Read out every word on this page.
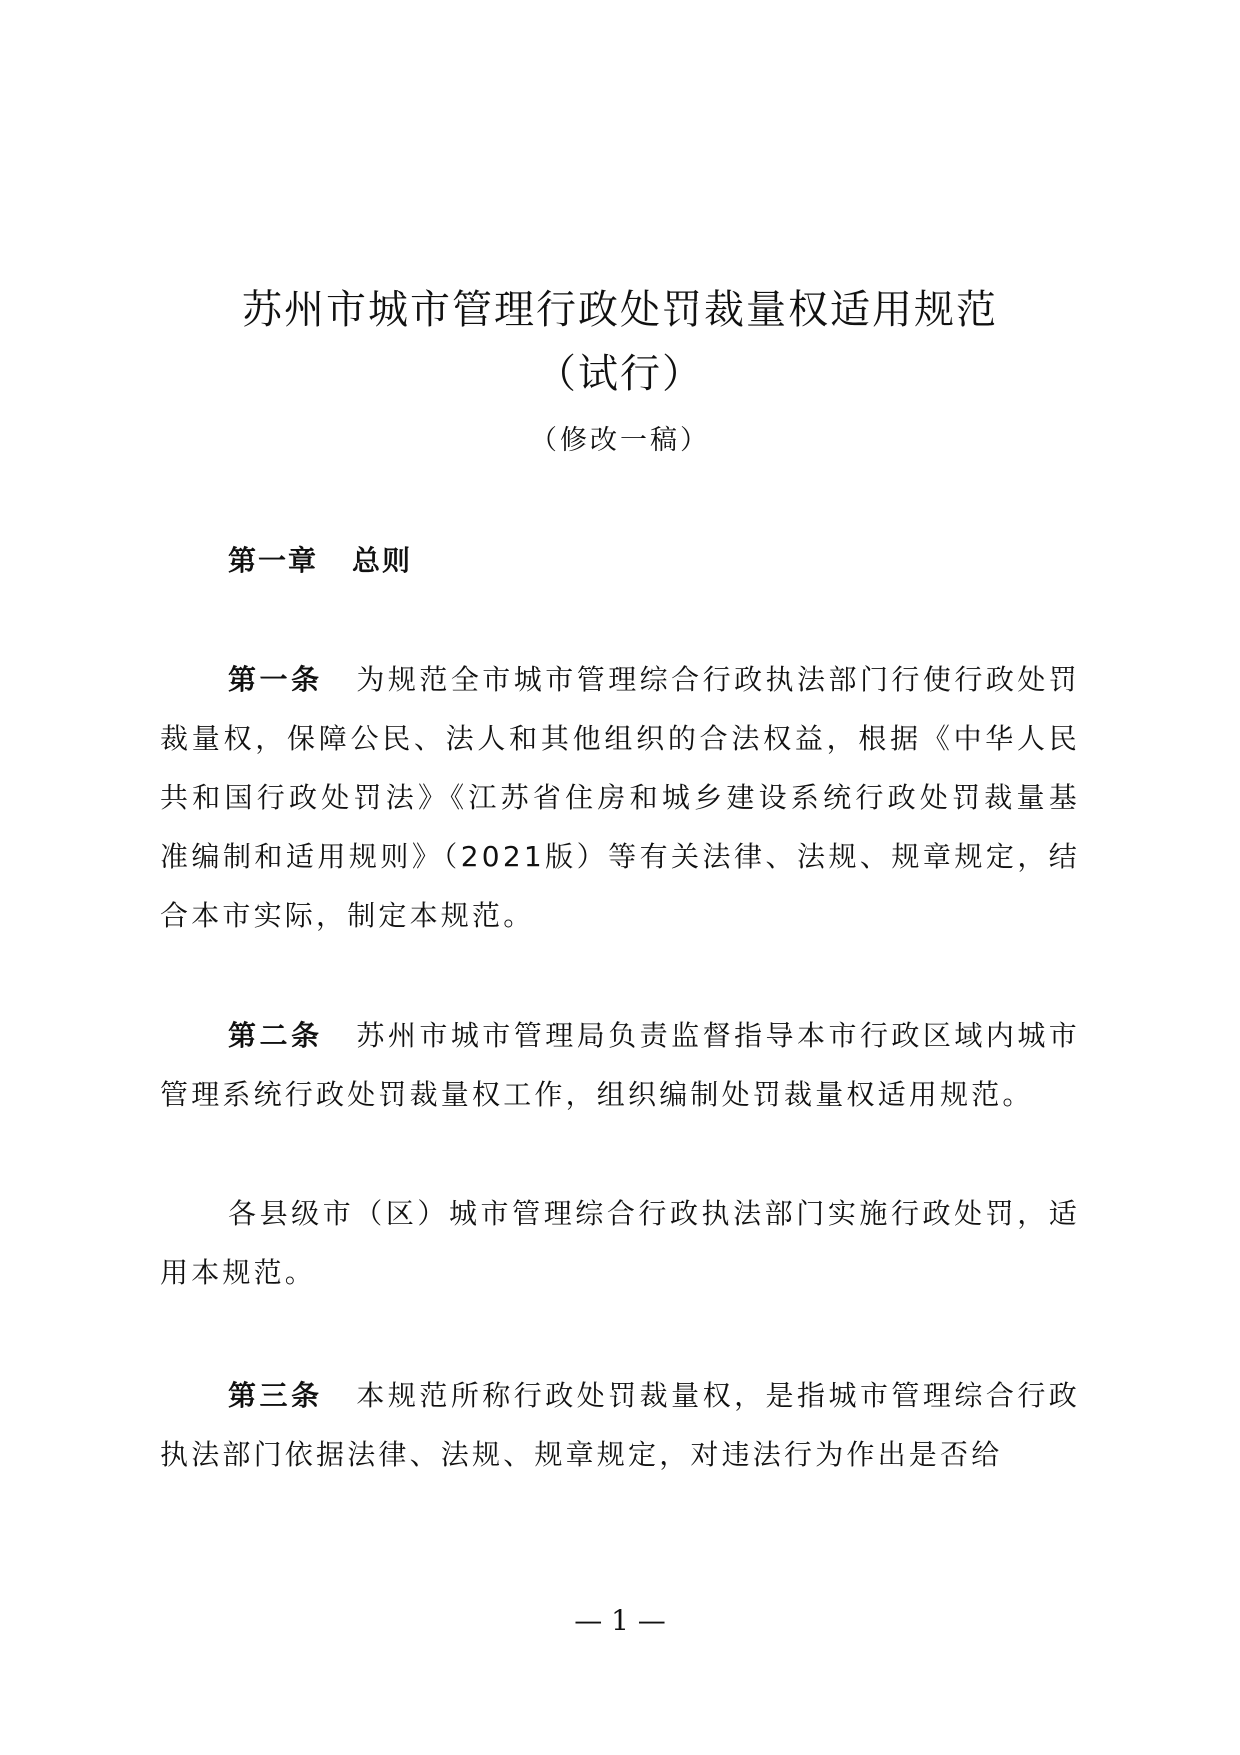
苏州市城市管理行政处罚裁量权适用规范
（试行）
（修改一稿）
第一章 总则

第一条 为规范全市城市管理综合行政执法部门行使行政处罚裁量权，保障公民、法人和其他组织的合法权益，根据《中华人民共和国行政处罚法》《江苏省住房和城乡建设系统行政处罚裁量基准编制和适用规则》（2021版）等有关法律、法规、规章规定，结合本市实际，制定本规范。

第二条 苏州市城市管理局负责监督指导本市行政区域内城市管理系统行政处罚裁量权工作，组织编制处罚裁量权适用规范。

各县级市（区）城市管理综合行政执法部门实施行政处罚，适用本规范。

第三条 本规范所称行政处罚裁量权，是指城市管理综合行政执法部门依据法律、法规、规章规定，对违法行为作出是否给

— 1 —
